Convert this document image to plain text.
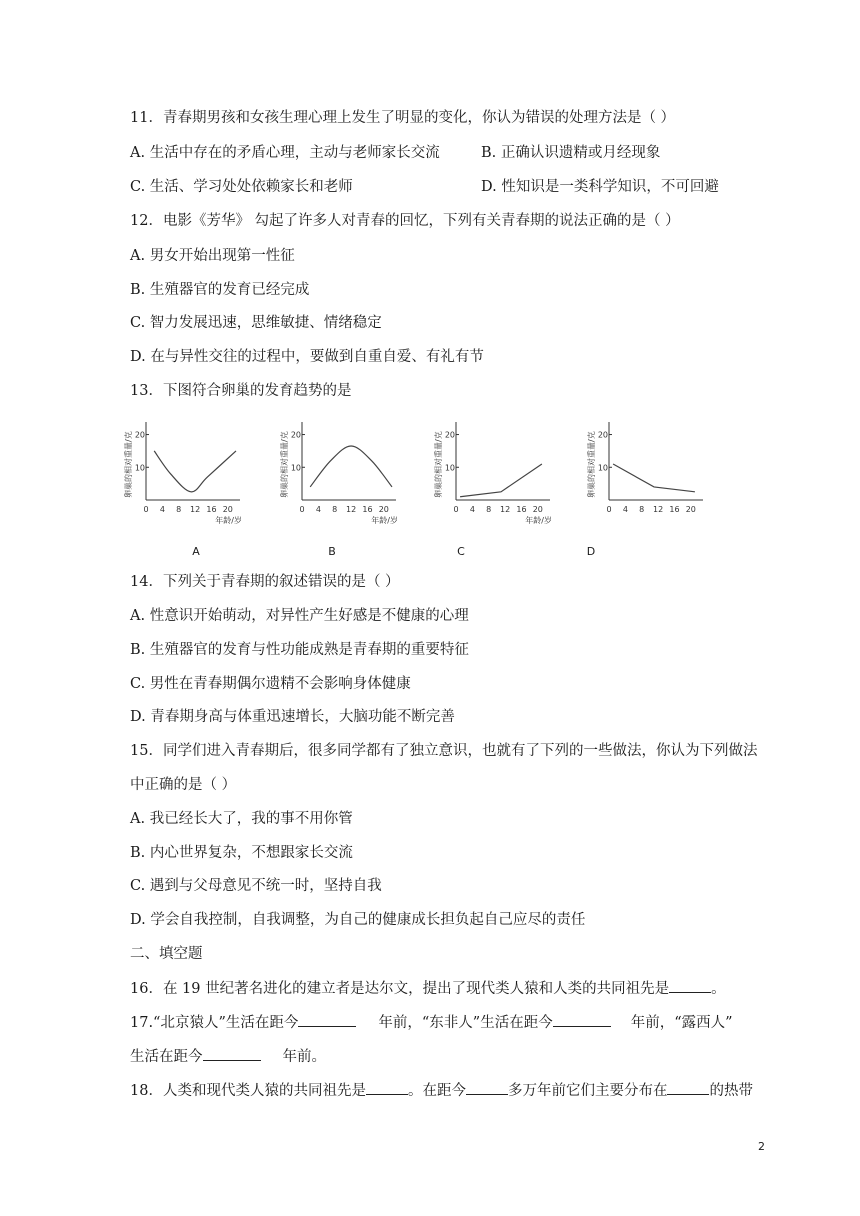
11．青春期男孩和女孩生理心理上发生了明显的变化，你认为错误的处理方法是（ ）
A. 生活中存在的矛盾心理，主动与老师家长交流	B. 正确认识遗精或月经现象
C. 生活、学习处处依赖家长和老师	D. 性知识是一类科学知识，不可回避
12．电影《芳华》 勾起了许多人对青春的回忆，下列有关青春期的说法正确的是（ ）
A. 男女开始出现第一性征
B. 生殖器官的发育已经完成
C. 智力发展迅速，思维敏捷、情绪稳定
D. 在与异性交往的过程中，要做到自重自爱、有礼有节
13．下图符合卵巢的发育趋势的是
10
20
0 4 8 12 16 20
年龄/岁
卵巢的相对重量/克	10
20
0 4 8 12 16 20
年龄/岁
卵巢的相对重量/克	10
20
0 4 8 12 16 20
年龄/岁
卵巢的相对重量/克	10
20
0 4 8 12 16 20
卵巢的相对重量/克
A	B	C	D
14．下列关于青春期的叙述错误的是（ ）
A. 性意识开始萌动，对异性产生好感是不健康的心理
B. 生殖器官的发育与性功能成熟是青春期的重要特征
C. 男性在青春期偶尔遗精不会影响身体健康
D. 青春期身高与体重迅速增长，大脑功能不断完善
15．同学们进入青春期后，很多同学都有了独立意识，也就有了下列的一些做法，你认为下列做法
中正确的是（ ）
A. 我已经长大了，我的事不用你管
B. 内心世界复杂，不想跟家长交流
C. 遇到与父母意见不统一时，坚持自我
D. 学会自我控制，自我调整，为自己的健康成长担负起自己应尽的责任
二、填空题
16．在 19 世纪著名进化的建立者是达尔文，提出了现代类人猿和人类的共同祖先是	。
17.“北京猿人”生活在距今	年前，“东非人”生活在距今	年前，“露西人”
生活在距今	年前。
18．人类和现代类人猿的共同祖先是	。在距今	多万年前它们主要分布在	的热带
2
